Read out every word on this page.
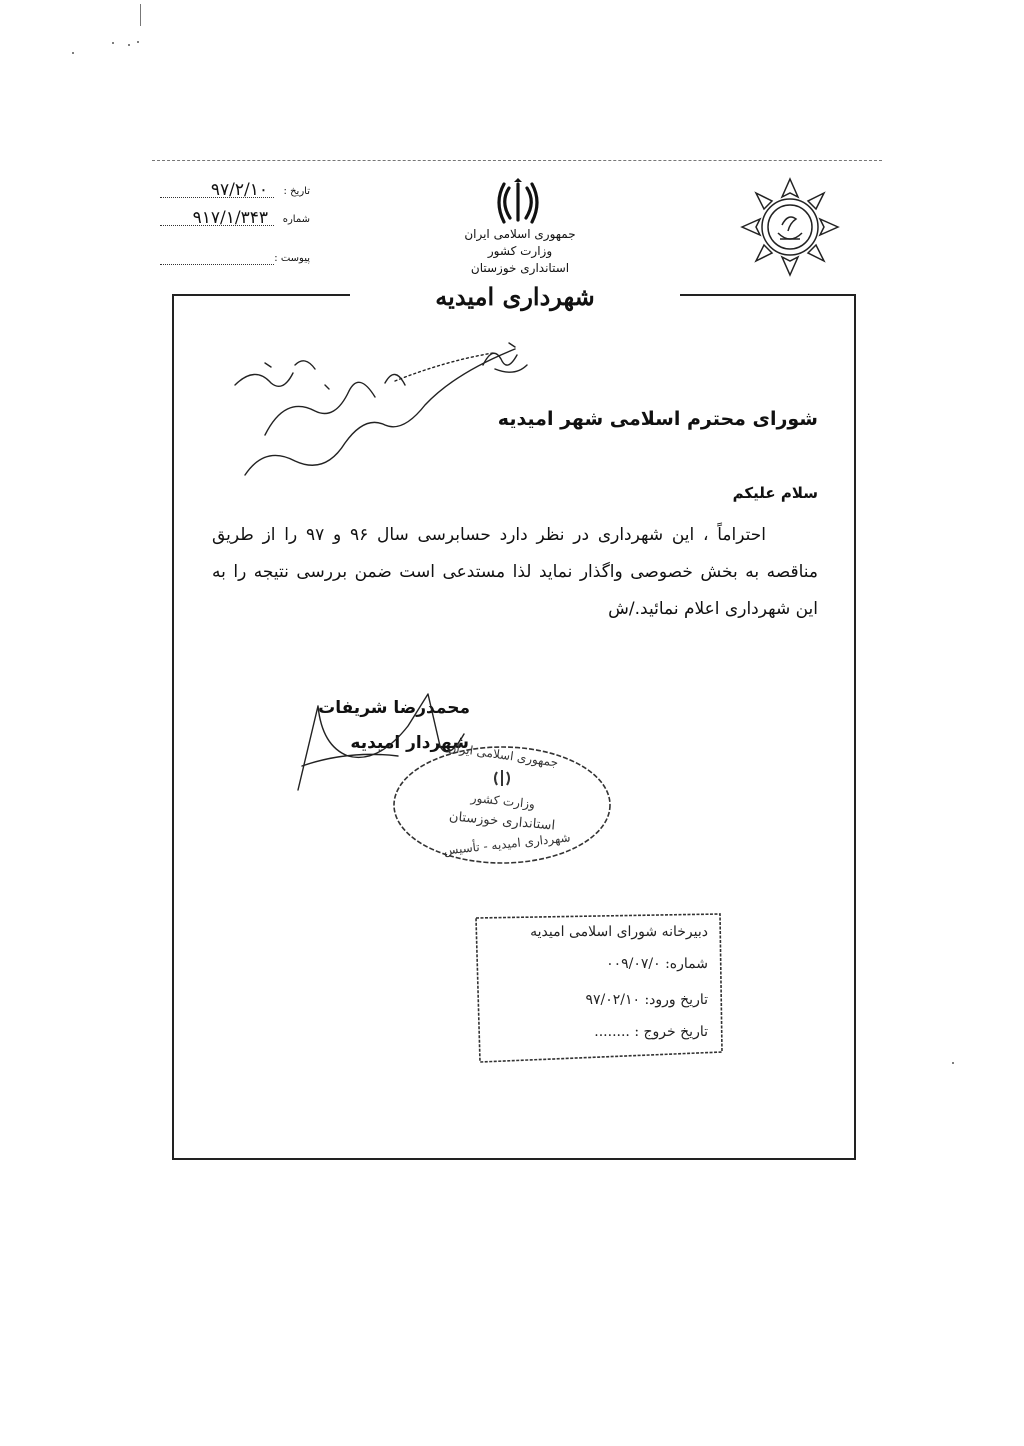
جمهوری اسلامی ایران
وزارت کشور
استانداری خوزستان
تاریخ :
۹۷/۲/۱۰
شماره
۹۱۷/۱/۳۴۳
پیوست :
شهرداری امیدیه
شورای محترم اسلامی شهر امیدیه
سلام علیکم
احتراماً ، این شهرداری در نظر دارد حسابرسی سال ۹۶ و ۹۷ را از طریق مناقصه به بخش خصوصی واگذار نماید لذا مستدعی است ضمن بررسی نتیجه را به این شهرداری اعلام نمائید./ش
محمدرضا شریفات
شهردار امیدیه
جمهوری اسلامی ایران
وزارت کشور
استانداری خوزستان
شهرداری امیدیه - تأسیس
دبیرخانه شورای اسلامی امیدیه
شماره: ۰۰۹/۰۷/۰
تاریخ ورود: ۹۷/۰۲/۱۰
تاریخ خروج : ........
